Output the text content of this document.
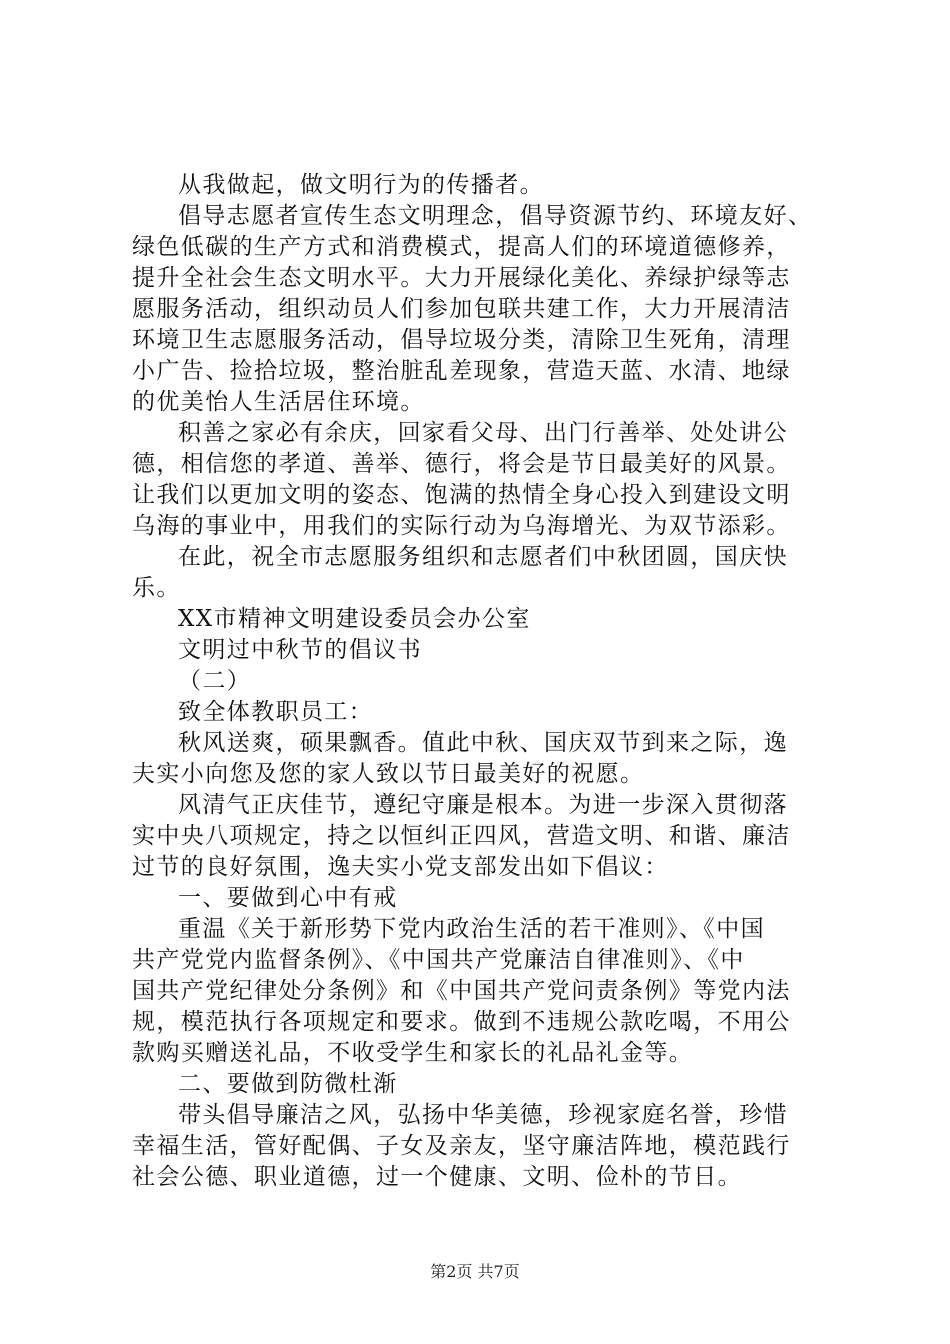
从我做起，做文明行为的传播者。
倡导志愿者宣传生态文明理念，倡导资源节约、环境友好、
绿色低碳的生产方式和消费模式，提高人们的环境道德修养，
提升全社会生态文明水平。大力开展绿化美化、养绿护绿等志
愿服务活动，组织动员人们参加包联共建工作，大力开展清洁
环境卫生志愿服务活动，倡导垃圾分类，清除卫生死角，清理
小广告、捡拾垃圾，整治脏乱差现象，营造天蓝、水清、地绿
的优美怡人生活居住环境。
积善之家必有余庆，回家看父母、出门行善举、处处讲公
德，相信您的孝道、善举、德行，将会是节日最美好的风景。
让我们以更加文明的姿态、饱满的热情全身心投入到建设文明
乌海的事业中，用我们的实际行动为乌海增光、为双节添彩。
在此，祝全市志愿服务组织和志愿者们中秋团圆，国庆快
乐。
XX市精神文明建设委员会办公室
文明过中秋节的倡议书
（二）
致全体教职员工：
秋风送爽，硕果飘香。值此中秋、国庆双节到来之际，逸
夫实小向您及您的家人致以节日最美好的祝愿。
风清气正庆佳节，遵纪守廉是根本。为进一步深入贯彻落
实中央八项规定，持之以恒纠正四风，营造文明、和谐、廉洁
过节的良好氛围，逸夫实小党支部发出如下倡议：
一、要做到心中有戒
重温《关于新形势下党内政治生活的若干准则》、《中国
共产党党内监督条例》、《中国共产党廉洁自律准则》、《中
国共产党纪律处分条例》和《中国共产党问责条例》等党内法
规，模范执行各项规定和要求。做到不违规公款吃喝，不用公
款购买赠送礼品，不收受学生和家长的礼品礼金等。
二、要做到防微杜渐
带头倡导廉洁之风，弘扬中华美德，珍视家庭名誉，珍惜
幸福生活，管好配偶、子女及亲友，坚守廉洁阵地，模范践行
社会公德、职业道德，过一个健康、文明、俭朴的节日。
第2页 共7页
